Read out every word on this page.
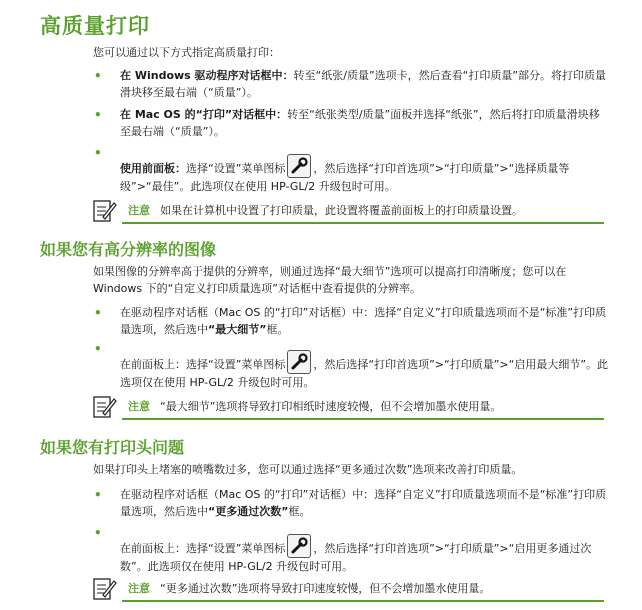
高质量打印
您可以通过以下方式指定高质量打印：
•	在 Windows 驱动程序对话框中：转至“纸张/质量”选项卡，然后查看“打印质量”部分。将打印质量滑块移至最右端（“质量”）。
•	在 Mac OS 的“打印”对话框中：转至“纸张类型/质量”面板并选择“纸张”，然后将打印质量滑块移至最右端（“质量”）。
•
使用前面板：选择“设置”菜单图标	，然后选择“打印首选项”>“打印质量”>“选择质量等级”>“最佳”。此选项仅在使用 HP-GL/2 升级包时可用。
注意 如果在计算机中设置了打印质量，此设置将覆盖前面板上的打印质量设置。
如果您有高分辨率的图像
如果图像的分辨率高于提供的分辨率，则通过选择“最大细节”选项可以提高打印清晰度；您可以在 Windows 下的“自定义打印质量选项”对话框中查看提供的分辨率。
•	在驱动程序对话框（Mac OS 的“打印”对话框）中：选择“自定义”打印质量选项而不是“标准”打印质量选项，然后选中“最大细节”框。
•
在前面板上：选择“设置”菜单图标	，然后选择“打印首选项”>“打印质量”>“启用最大细节”。此选项仅在使用 HP-GL/2 升级包时可用。
注意 “最大细节”选项将导致打印相纸时速度较慢，但不会增加墨水使用量。
如果您有打印头问题
如果打印头上堵塞的喷嘴数过多，您可以通过选择“更多通过次数”选项来改善打印质量。
•	在驱动程序对话框（Mac OS 的“打印”对话框）中：选择“自定义”打印质量选项而不是“标准”打印质量选项，然后选中“更多通过次数”框。
•
在前面板上：选择“设置”菜单图标	，然后选择“打印首选项”>“打印质量”>“启用更多通过次数”。此选项仅在使用 HP-GL/2 升级包时可用。
注意 “更多通过次数”选项将导致打印速度较慢，但不会增加墨水使用量。
